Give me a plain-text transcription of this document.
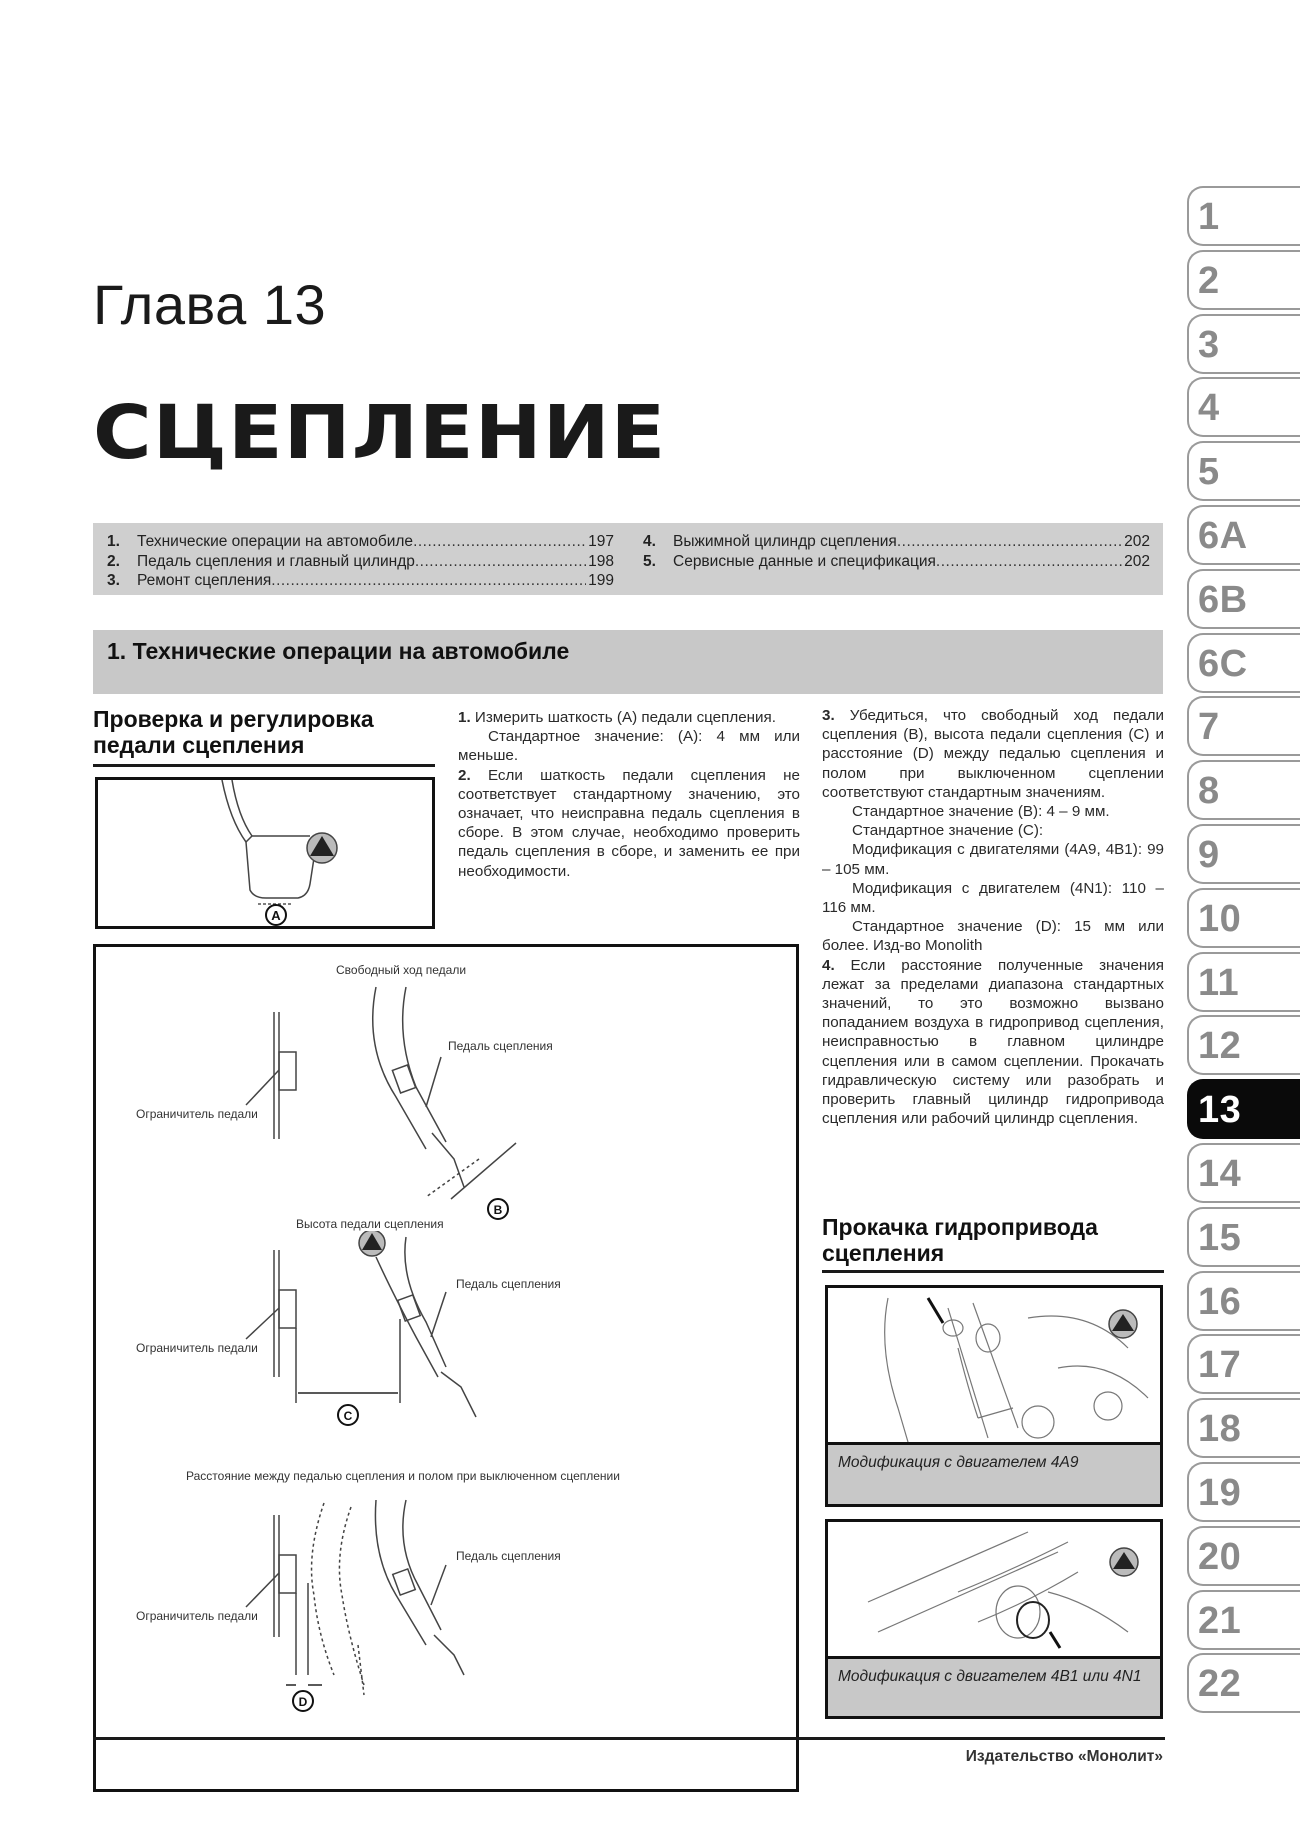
Глава 13
СЦЕПЛЕНИЕ
1.	Технические операции на автомобиле .....	197
2.	Педаль сцепления и главный цилиндр .....	198
3.	Ремонт сцепления .....	199
4.	Выжимной цилиндр сцепления .....	202
5.	Сервисные данные и спецификация .....	202
1. Технические операции на автомобиле
Проверка и регулировка педали сцепления
A

1. Измерить шаткость (А) педали сцепления.

Стандартное значение: (А): 4 мм или меньше.

2. Если шаткость педали сцепления не соответствует стандартному значению, это означает, что неисправна педаль сцепления в сборе. В этом случае, необходимо проверить педаль сцепления в сборе, и заменить ее при необходимости.

B
C
D
Свободный ход педали
Ограничитель педали
Педаль сцепления
Высота педали сцепления
Ограничитель педали
Педаль сцепления
Расстояние между педалью сцепления и полом при выключенном сцеплении
Ограничитель педали
Педаль сцепления

3. Убедиться, что свободный ход педали сцепления (В), высота педали сцепления (С) и расстояние (D) между педалью сцепления и полом при выключенном сцеплении соответствуют стандартным значениям.

Стандартное значение (В): 4 – 9 мм.

Стандартное значение (С):

Модификация с двигателями (4А9, 4В1): 99 – 105 мм.

Модификация с двигателем (4N1): 110 – 116 мм.

Стандартное значение (D): 15 мм или более. Изд-во Monolith

4. Если расстояние полученные значения лежат за пределами диапазона стандартных значений, то это возможно вызвано попаданием воздуха в гидропривод сцепления, неисправностью в главном цилиндре сцепления или в самом сцеплении. Прокачать гидравлическую систему или разобрать и проверить главный цилиндр гидропривода сцепления или рабочий цилиндр сцепления.

Прокачка гидропривода сцепления
Модификация с двигателем 4А9
Модификация с двигателем 4В1 или 4N1
1
2
3
4
5
6A
6B
6C
7
8
9
10
11
12
13
14
15
16
17
18
19
20
21
22
Издательство «Монолит»
